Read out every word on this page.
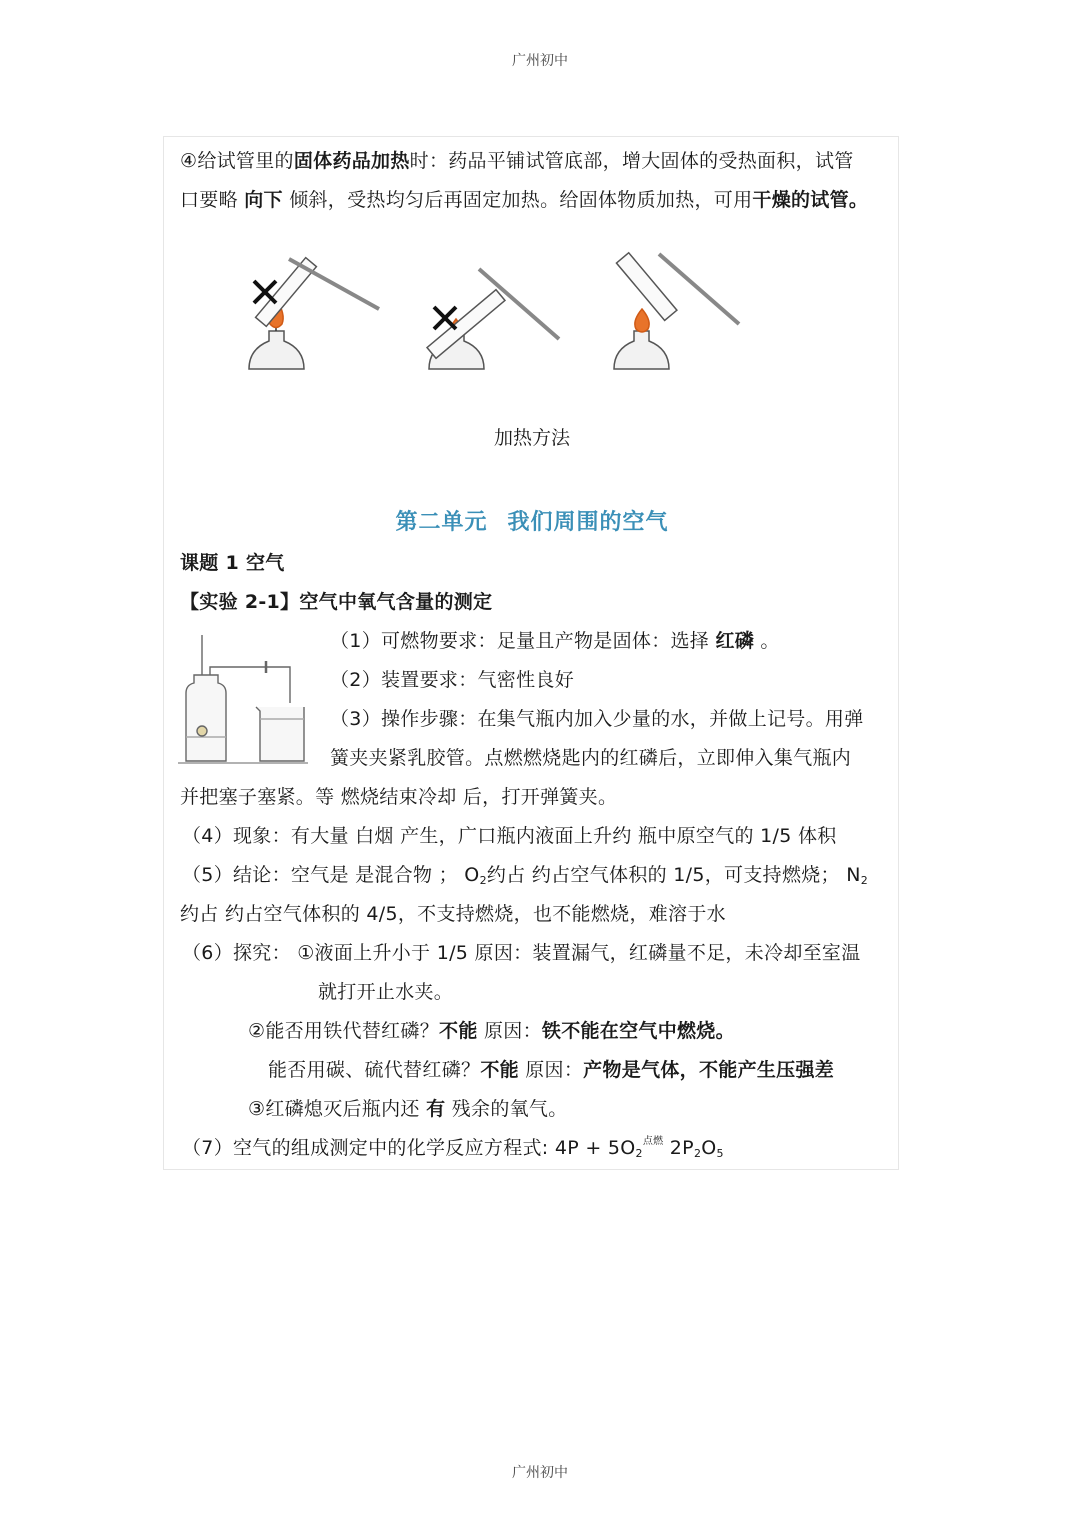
广州初中
④给试管里的固体药品加热时：药品平铺试管底部，增大固体的受热面积，试管
口要略 向下 倾斜，受热均匀后再固定加热。给固体物质加热，可用干燥的试管。
加热方法
第二单元 我们周围的空气
课题 1 空气
【实验 2-1】空气中氧气含量的测定
（1）可燃物要求：足量且产物是固体：选择 红磷 。
（2）装置要求：气密性良好
（3）操作步骤：在集气瓶内加入少量的水，并做上记号。用弹
簧夹夹紧乳胶管。点燃燃烧匙内的红磷后，立即伸入集气瓶内
并把塞子塞紧。等 燃烧结束冷却 后，打开弹簧夹。
（4）现象：有大量 白烟 产生，广口瓶内液面上升约 瓶中原空气的 1/5 体积
（5）结论：空气是 是混合物 ； $O_2$约占 约占空气体积的 1/5，可支持燃烧； $N_2$
约占 约占空气体积的 4/5，不支持燃烧，也不能燃烧，难溶于水
（6）探究： ①液面上升小于 1/5 原因：装置漏气，红磷量不足，未冷却至室温
就打开止水夹。
②能否用铁代替红磷？不能 原因：铁不能在空气中燃烧。
能否用碳、硫代替红磷？不能 原因：产物是气体，不能产生压强差
③红磷熄灭后瓶内还 有 残余的氧气。
（7）空气的组成测定中的化学反应方程式: $4P + 5O_2^{点燃}$ $2P_2O_5$
广州初中
